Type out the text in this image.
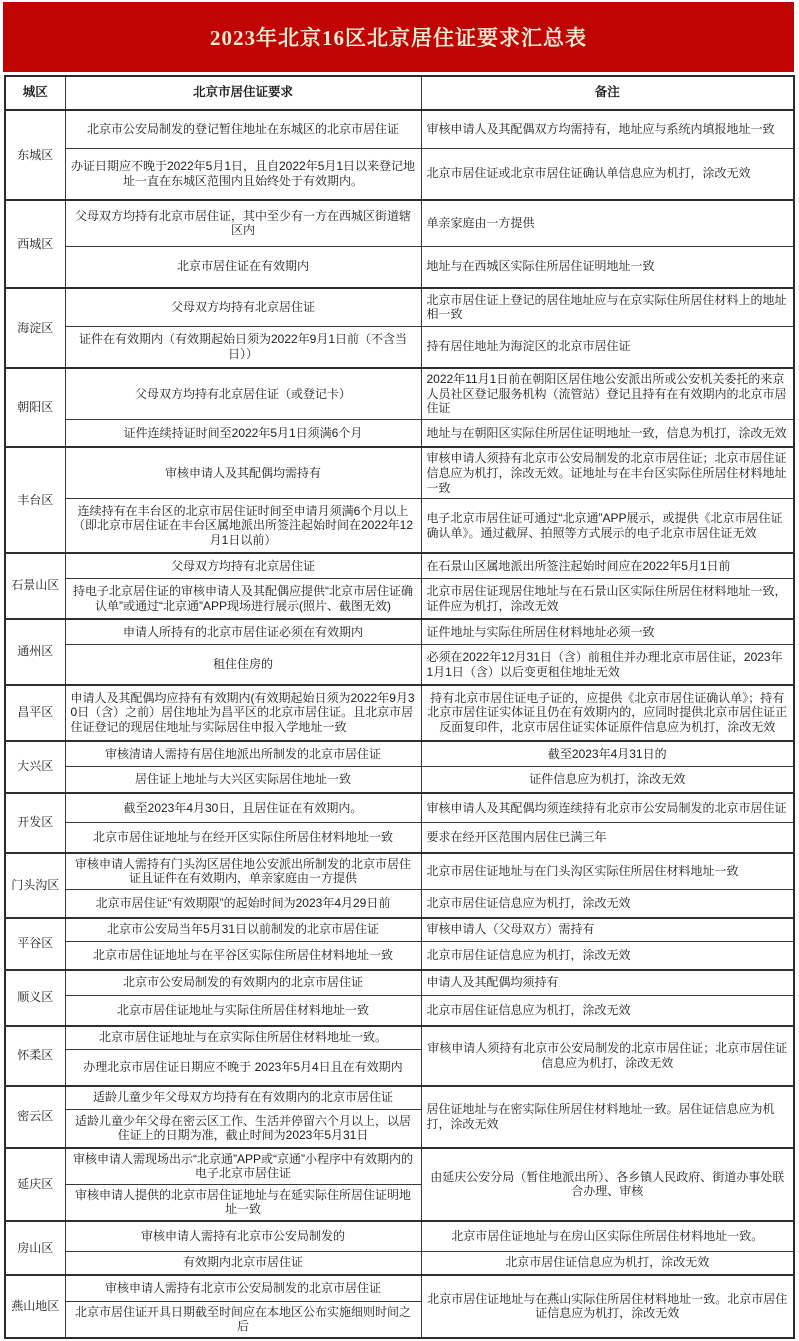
2023年北京16区北京居住证要求汇总表
城区	北京市居住证要求	备注
东城区	北京市公安局制发的登记暂住地址在东城区的北京市居住证	审核申请人及其配偶双方均需持有，地址应与系统内填报地址一致
	办证日期应不晚于2022年5月1日，且自2022年5月1日以来登记地址一直在东城区范围内且始终处于有效期内。	北京市居住证或北京市居住证确认单信息应为机打，涂改无效
西城区	父母双方均持有北京市居住证，其中至少有一方在西城区街道辖区内	单亲家庭由一方提供
	北京市居住证在有效期内	地址与在西城区实际住所居住证明地址一致
海淀区	父母双方均持有北京居住证	北京市居住证上登记的居住地址应与在京实际住所居住材料上的地址相一致
	证件在有效期内（有效期起始日须为2022年9月1日前（不含当日））	持有居住地址为海淀区的北京市居住证
朝阳区	父母双方均持有北京居住证（或登记卡）	2022年11月1日前在朝阳区居住地公安派出所或公安机关委托的来京人员社区登记服务机构（流管站）登记且持有在有效期内的北京市居住证
	证件连续持证时间至2022年5月1日须满6个月	地址与在朝阳区实际住所居住证明地址一致，信息为机打，涂改无效
丰台区	审核申请人及其配偶均需持有	审核申请人须持有北京市公安局制发的北京市居住证；北京市居住证信息应为机打，涂改无效。证地址与在丰台区实际住所居住材料地址一致
	连续持有在丰台区的北京市居住证时间至申请月须满6个月以上（即北京市居住证在丰台区属地派出所签注起始时间在2022年12月1日以前）	电子北京市居住证可通过“北京通”APP展示，或提供《北京市居住证确认单》。通过截屏、拍照等方式展示的电子北京市居住证无效
石景山区	父母双方均持有北京居住证	在石景山区属地派出所签注起始时间应在2022年5月1日前
	持电子北京居住证的审核申请人及其配偶应提供“北京市居住证确认单”或通过“北京通”APP现场进行展示(照片、截图无效)	北京市居住证现居住地址与在石景山区实际住所居住材料地址一致，证件应为机打，涂改无效
通州区	申请人所持有的北京市居住证必须在有效期内	证件地址与实际住所居住材料地址必须一致
	租住住房的	必须在2022年12月31日（含）前租住并办理北京市居住证，2023年1月1日（含）以后变更租住地址无效
昌平区	申请人及其配偶均应持有有效期内(有效期起始日须为2022年9月30日（含）之前）居住地址为昌平区的北京市居住证。且北京市居住证登记的现居住地址与实际居住申报入学地址一致	持有北京市居住证电子证的，应提供《北京市居住证确认单》；持有北京市居住证实体证且仍在有效期内的，应同时提供北京市居住证正反面复印件，北京市居住证实体证原件信息应为机打，涂改无效
大兴区	审核清请人需持有居住地派出所制发的北京市居住证	截至2023年4月31日的
	居住证上地址与大兴区实际居住地址一致	证件信息应为机打，涂改无效
开发区	截至2023年4月30日，且居住证在有效期内。	审核申请人及其配偶均须连续持有北京市公安局制发的北京市居住证
	北京市居住证地址与在经开区实际住所居住材料地址一致	要求在经开区范围内居住已满三年
门头沟区	审核申请人需持有门头沟区居住地公安派出所制发的北京市居住证且证件在有效期内，单亲家庭由一方提供	北京市居住证地址与在门头沟区实际住所居住材料地址一致
	北京市居住证“有效期限”的起始时间为2023年4月29日前	北京市居住证信息应为机打，涂改无效
平谷区	北京市公安局当年5月31日以前制发的北京市居住证	审核申请人（父母双方）需持有
	北京市居住证地址与在平谷区实际住所居住材料地址一致	北京市居住证信息应为机打，涂改无效
顺义区	北京市公安局制发的有效期内的北京市居住证	申请人及其配偶均须持有
	北京市居住证地址与实际住所居住材料地址一致	北京市居住证信息应为机打，涂改无效
怀柔区	北京市居住证地址与在京实际住所居住材料地址一致。	审核申请人须持有北京市公安局制发的北京市居住证；北京市居住证信息应为机打，涂改无效
	办理北京市居住证日期应不晚于 2023年5月4日且在有效期内	
密云区	适龄儿童少年父母双方均持有在有效期内的北京市居住证	居住证地址与在密实际住所居住材料地址一致。居住证信息应为机打，涂改无效
	适龄儿童少年父母在密云区工作、生活并停留六个月以上，以居住证上的日期为准，截止时间为2023年5月31日	
延庆区	审核申请人需现场出示“北京通”APP或“京通”小程序中有效期内的电子北京市居住证	由延庆公安分局（暂住地派出所）、各乡镇人民政府、街道办事处联合办理、审核
	审核申请人提供的北京市居住证地址与在延实际住所居住证明地址一致	
房山区	审核申请人需持有北京市公安局制发的	北京市居住证地址与在房山区实际住所居住材料地址一致。
	有效期内北京市居住证	北京市居住证信息应为机打，涂改无效
燕山地区	审核申请人需持有北京市公安局制发的北京市居住证	北京市居住证地址与在燕山实际住所居住材料地址一致。北京市居住证信息应为机打，涂改无效
	北京市居住证开具日期截至时间应在本地区公布实施细则时间之后	
